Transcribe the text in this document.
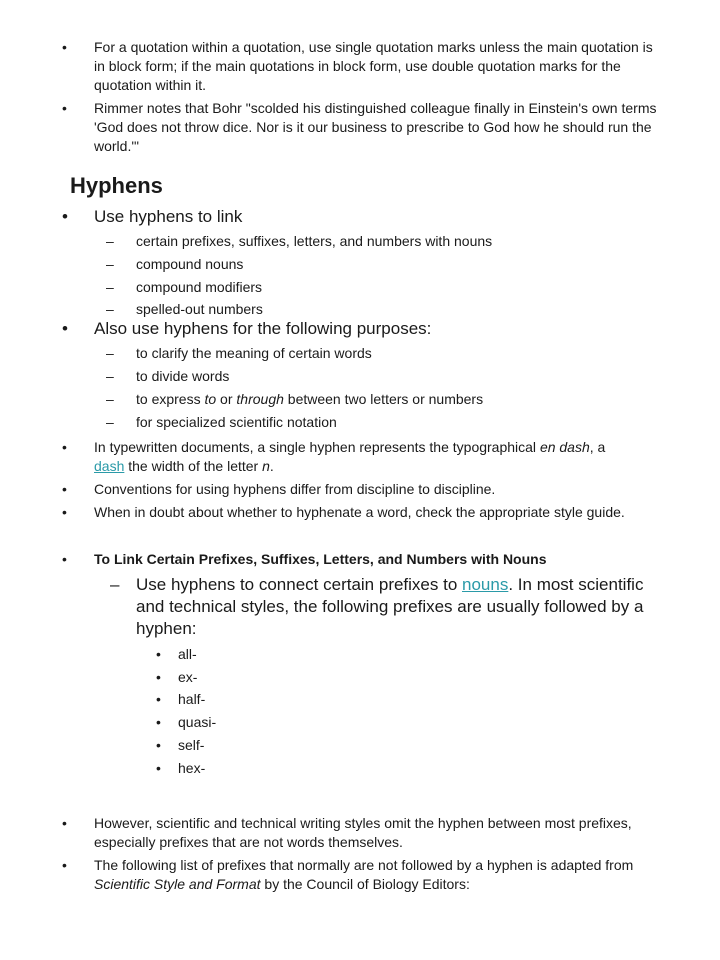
• For a quotation within a quotation, use single quotation marks unless the main quotation is in block form; if the main quotations in block form, use double quotation marks for the quotation within it.
• Rimmer notes that Bohr "scolded his distinguished colleague finally in Einstein's own terms 'God does not throw dice. Nor is it our business to prescribe to God how he should run the world.'"
Hyphens
• Use hyphens to link
– certain prefixes, suffixes, letters, and numbers with nouns
– compound nouns
– compound modifiers
– spelled-out numbers
• Also use hyphens for the following purposes:
– to clarify the meaning of certain words
– to divide words
– to express to or through between two letters or numbers
– for specialized scientific notation
• In typewritten documents, a single hyphen represents the typographical en dash, a dash the width of the letter n.
• Conventions for using hyphens differ from discipline to discipline.
• When in doubt about whether to hyphenate a word, check the appropriate style guide.
• To Link Certain Prefixes, Suffixes, Letters, and Numbers with Nouns
– Use hyphens to connect certain prefixes to nouns. In most scientific and technical styles, the following prefixes are usually followed by a hyphen:
• all-
• ex-
• half-
• quasi-
• self-
• hex-
• However, scientific and technical writing styles omit the hyphen between most prefixes, especially prefixes that are not words themselves.
• The following list of prefixes that normally are not followed by a hyphen is adapted from Scientific Style and Format by the Council of Biology Editors:
